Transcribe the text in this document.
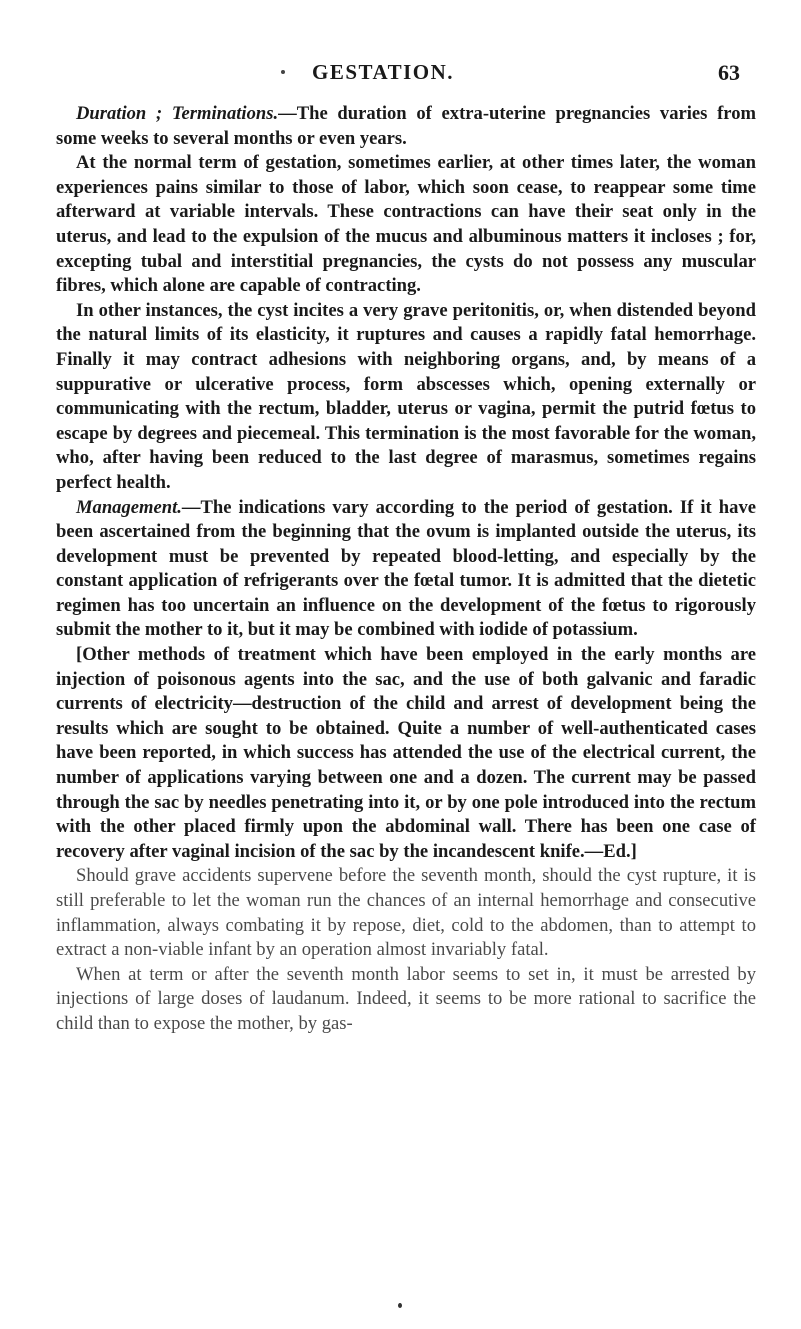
GESTATION.	63

Duration ; Terminations.—The duration of extra-uterine pregnancies varies from some weeks to several months or even years.

At the normal term of gestation, sometimes earlier, at other times later, the woman experiences pains similar to those of labor, which soon cease, to reappear some time afterward at variable intervals. These contractions can have their seat only in the uterus, and lead to the expulsion of the mucus and albuminous matters it incloses ; for, excepting tubal and interstitial pregnancies, the cysts do not possess any muscular fibres, which alone are capable of contracting.

In other instances, the cyst incites a very grave peritonitis, or, when distended beyond the natural limits of its elasticity, it ruptures and causes a rapidly fatal hemorrhage. Finally it may contract adhesions with neighboring organs, and, by means of a suppurative or ulcerative process, form abscesses which, opening externally or communicating with the rectum, bladder, uterus or vagina, permit the putrid fœtus to escape by degrees and piecemeal. This termination is the most favorable for the woman, who, after having been reduced to the last degree of marasmus, sometimes regains perfect health.

Management.—The indications vary according to the period of gestation. If it have been ascertained from the beginning that the ovum is implanted outside the uterus, its development must be prevented by repeated blood-letting, and especially by the constant application of refrigerants over the fœtal tumor. It is admitted that the dietetic regimen has too uncertain an influence on the development of the fœtus to rigorously submit the mother to it, but it may be combined with iodide of potassium.

[Other methods of treatment which have been employed in the early months are injection of poisonous agents into the sac, and the use of both galvanic and faradic currents of electricity—destruction of the child and arrest of development being the results which are sought to be obtained. Quite a number of well-authenticated cases have been reported, in which success has attended the use of the electrical current, the number of applications varying between one and a dozen. The current may be passed through the sac by needles penetrating into it, or by one pole introduced into the rectum with the other placed firmly upon the abdominal wall. There has been one case of recovery after vaginal incision of the sac by the incandescent knife.—Ed.]

Should grave accidents supervene before the seventh month, should the cyst rupture, it is still preferable to let the woman run the chances of an internal hemorrhage and consecutive inflammation, always combating it by repose, diet, cold to the abdomen, than to attempt to extract a non-viable infant by an operation almost invariably fatal.

When at term or after the seventh month labor seems to set in, it must be arrested by injections of large doses of laudanum. Indeed, it seems to be more rational to sacrifice the child than to expose the mother, by gas-
